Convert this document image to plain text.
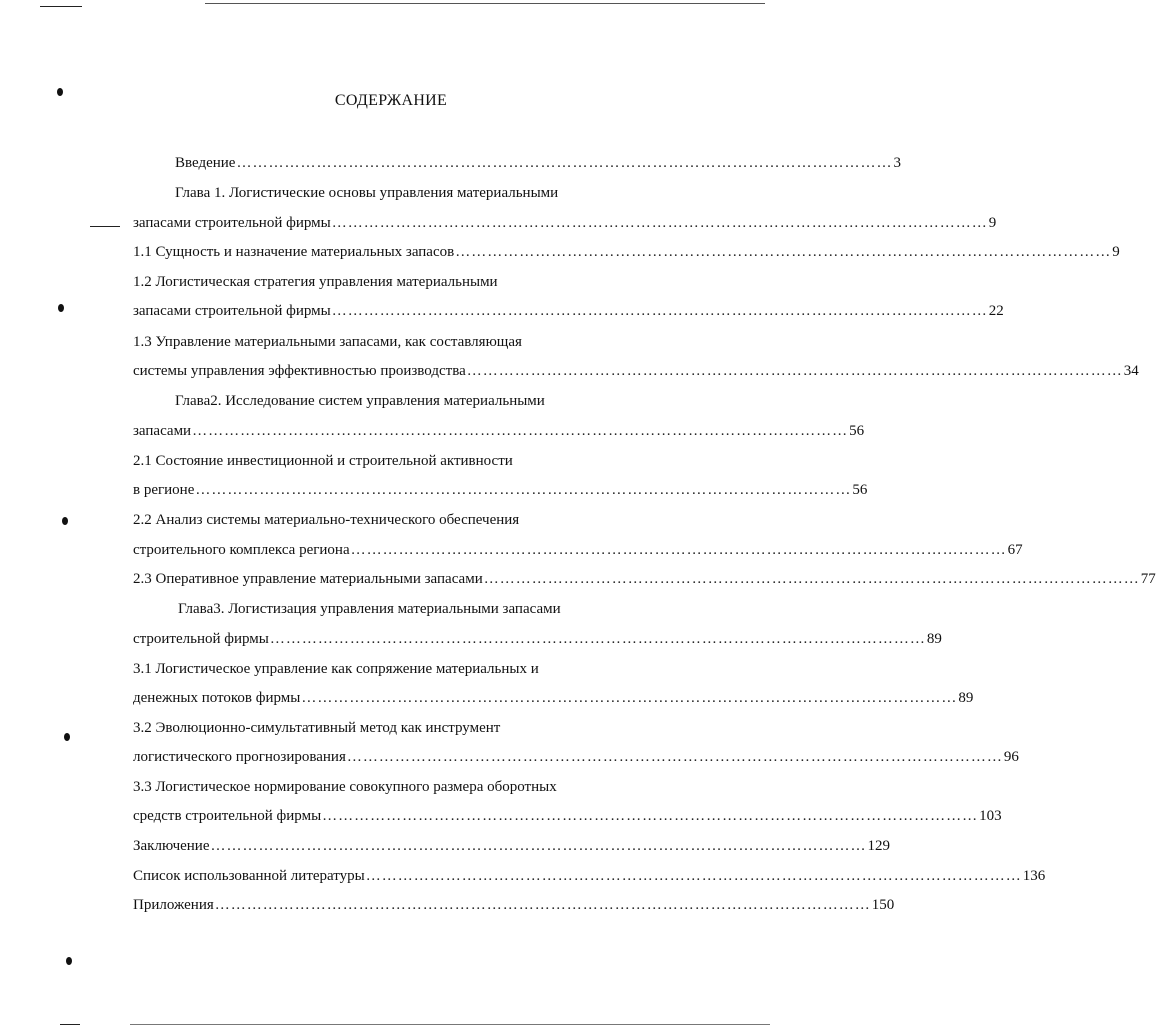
СОДЕРЖАНИЕ
Введение …………………………………………………………………………………………………………… 3
Глава 1. Логистические основы управления материальными
запасами строительной фирмы …………………………………………………………………………………………………………… 9
1.1 Сущность и назначение материальных запасов …………………………………………………………………………………………………………… 9
1.2 Логистическая стратегия управления материальными
запасами строительной фирмы …………………………………………………………………………………………………………… 22
1.3 Управление материальными запасами, как составляющая
системы управления эффективностью производства …………………………………………………………………………………………………………… 34
Глава2. Исследование систем управления материальными
запасами …………………………………………………………………………………………………………… 56
2.1 Состояние инвестиционной и строительной активности
в регионе …………………………………………………………………………………………………………… 56
2.2 Анализ системы материально-технического обеспечения
строительного комплекса региона …………………………………………………………………………………………………………… 67
2.3 Оперативное управление материальными запасами …………………………………………………………………………………………………………… 77
Глава3. Логистизация управления материальными запасами
строительной фирмы …………………………………………………………………………………………………………… 89
3.1 Логистическое управление как сопряжение материальных и
денежных потоков фирмы …………………………………………………………………………………………………………… 89
3.2 Эволюционно-симультативный метод как инструмент
логистического прогнозирования …………………………………………………………………………………………………………… 96
3.3 Логистическое нормирование совокупного размера оборотных
средств строительной фирмы …………………………………………………………………………………………………………… 103
Заключение …………………………………………………………………………………………………………… 129
Список использованной литературы …………………………………………………………………………………………………………… 136
Приложения …………………………………………………………………………………………………………… 150
